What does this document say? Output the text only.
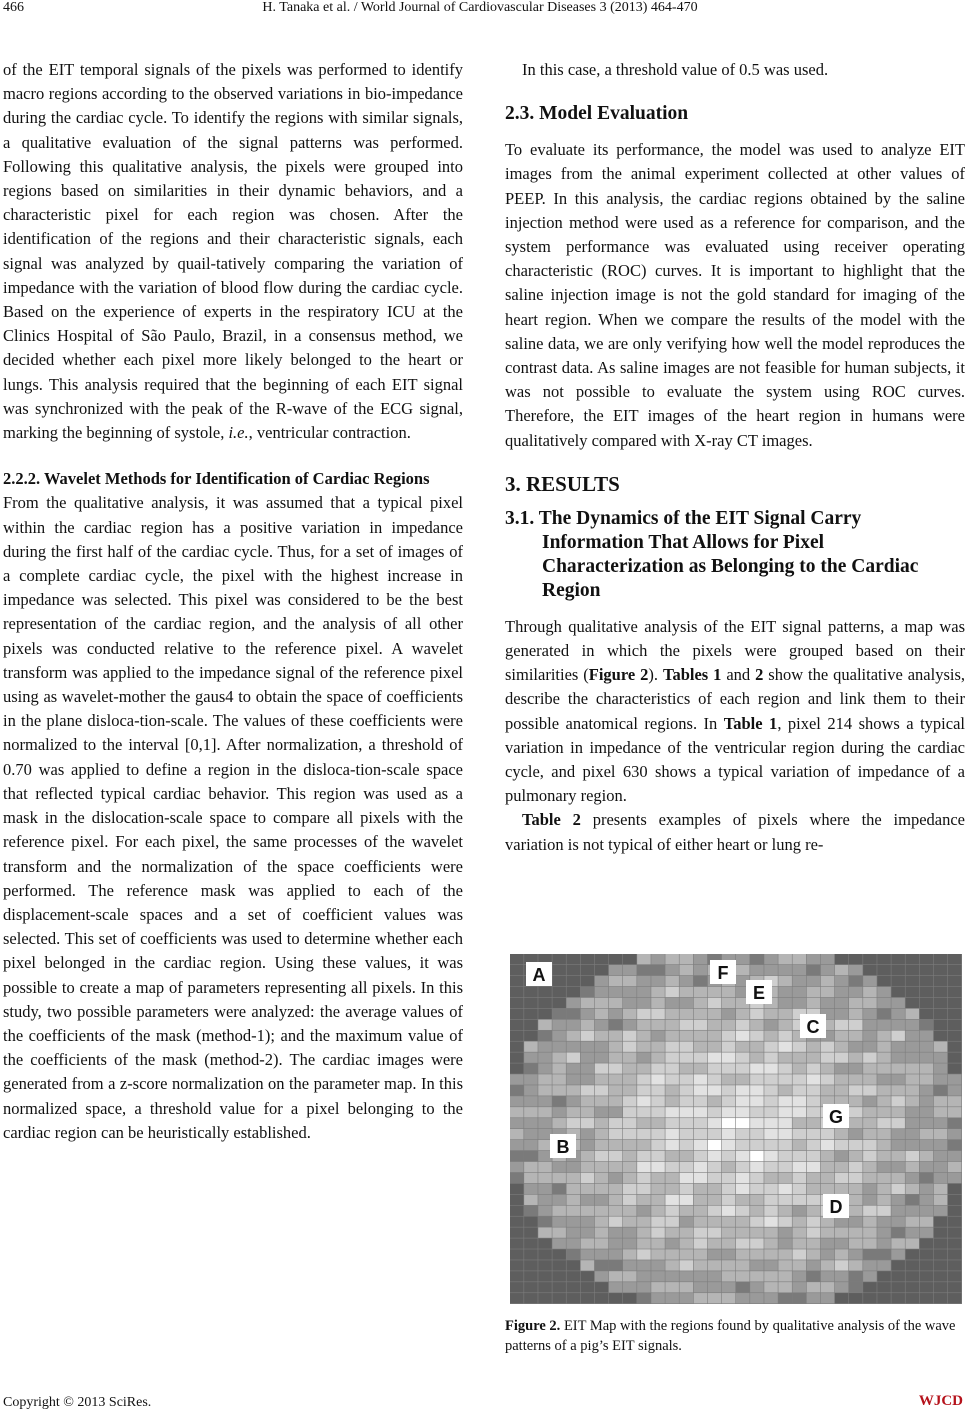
466	H. Tanaka et al. / World Journal of Cardiovascular Diseases 3 (2013) 464-470

of the EIT temporal signals of the pixels was performed to identify macro regions according to the observed variations in bio-impedance during the cardiac cycle. To identify the regions with similar signals, a qualitative evaluation of the signal patterns was performed. Following this qualitative analysis, the pixels were grouped into regions based on similarities in their dynamic behaviors, and a characteristic pixel for each region was chosen. After the identification of the regions and their characteristic signals, each signal was analyzed by quail-tatively comparing the variation of impedance with the variation of blood flow during the cardiac cycle. Based on the experience of experts in the respiratory ICU at the Clinics Hospital of São Paulo, Brazil, in a consensus method, we decided whether each pixel more likely belonged to the heart or lungs. This analysis required that the beginning of each EIT signal was synchronized with the peak of the R-wave of the ECG signal, marking the beginning of systole, i.e., ventricular contraction.

2.2.2. Wavelet Methods for Identification of Cardiac Regions

From the qualitative analysis, it was assumed that a typical pixel within the cardiac region has a positive variation in impedance during the first half of the cardiac cycle. Thus, for a set of images of a complete cardiac cycle, the pixel with the highest increase in impedance was selected. This pixel was considered to be the best representation of the cardiac region, and the analysis of all other pixels was conducted relative to the reference pixel. A wavelet transform was applied to the impedance signal of the reference pixel using as wavelet-mother the gaus4 to obtain the space of coefficients in the plane disloca-tion-scale. The values of these coefficients were normalized to the interval [0,1]. After normalization, a threshold of 0.70 was applied to define a region in the disloca-tion-scale space that reflected typical cardiac behavior. This region was used as a mask in the dislocation-scale space to compare all pixels with the reference pixel. For each pixel, the same processes of the wavelet transform and the normalization of the space coefficients were performed. The reference mask was applied to each of the displacement-scale spaces and a set of coefficient values was selected. This set of coefficients was used to determine whether each pixel belonged in the cardiac region. Using these values, it was possible to create a map of parameters representing all pixels. In this study, two possible parameters were analyzed: the average values of the coefficients of the mask (method-1); and the maximum value of the coefficients of the mask (method-2). The cardiac images were generated from a z-score normalization on the parameter map. In this normalized space, a threshold value for a pixel belonging to the cardiac region can be heuristically established.

In this case, a threshold value of 0.5 was used.

2.3. Model Evaluation

To evaluate its performance, the model was used to analyze EIT images from the animal experiment collected at other values of PEEP. In this analysis, the cardiac regions obtained by the saline injection method were used as a reference for comparison, and the system performance was evaluated using receiver operating characteristic (ROC) curves. It is important to highlight that the saline injection image is not the gold standard for imaging of the heart region. When we compare the results of the model with the saline data, we are only verifying how well the model reproduces the contrast data. As saline images are not feasible for human subjects, it was not possible to evaluate the system using ROC curves. Therefore, the EIT images of the heart region in humans were qualitatively compared with X-ray CT images.

3. RESULTS

3.1. The Dynamics of the EIT Signal Carry Information That Allows for Pixel Characterization as Belonging to the Cardiac Region

Through qualitative analysis of the EIT signal patterns, a map was generated in which the pixels were grouped based on their similarities (Figure 2). Tables 1 and 2 show the qualitative analysis, describe the characteristics of each region and link them to their possible anatomical regions. In Table 1, pixel 214 shows a typical variation in impedance of the ventricular region during the cardiac cycle, and pixel 630 shows a typical variation of impedance of a pulmonary region.

Table 2 presents examples of pixels where the impedance variation is not typical of either heart or lung re-

A	F
E
C
G
B
D
Figure 2. EIT Map with the regions found by qualitative analysis of the wave patterns of a pig’s EIT signals.
Copyright © 2013 SciRes.	WJCD
